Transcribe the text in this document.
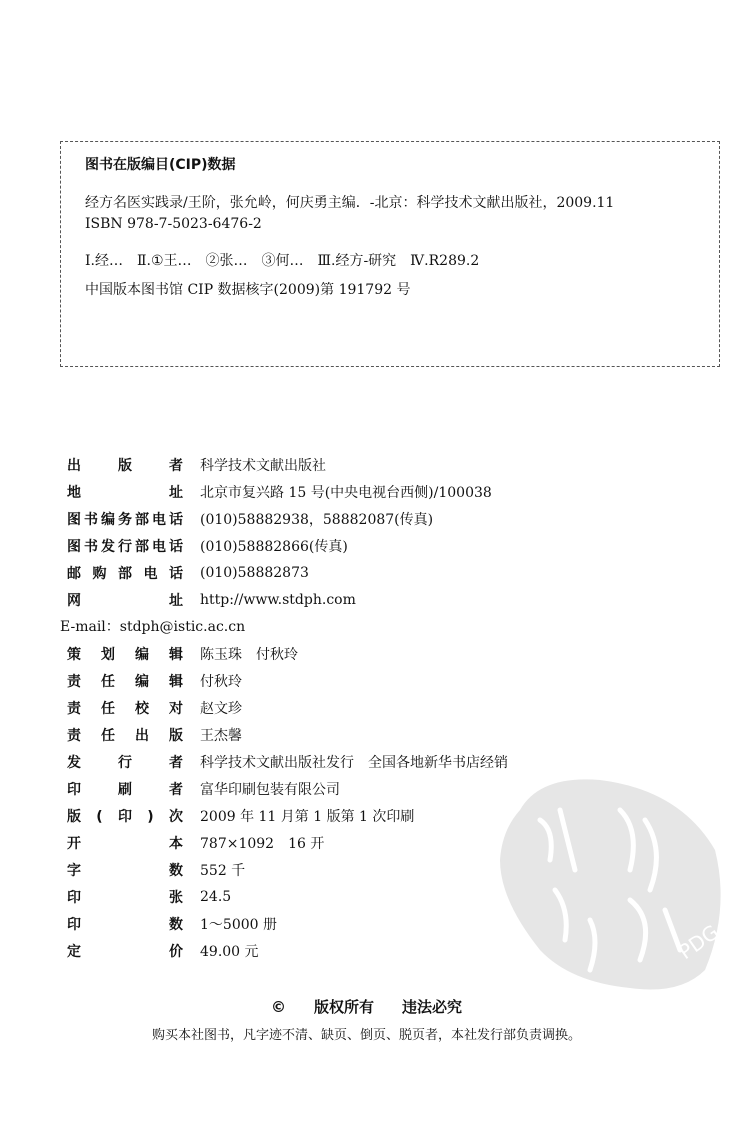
图书在版编目(CIP)数据
经方名医实践录/王阶，张允岭，何庆勇主编．-北京：科学技术文献出版社，2009.11
ISBN 978-7-5023-6476-2
Ⅰ.经…　Ⅱ.①王…　②张…　③何…　Ⅲ.经方-研究　Ⅳ.R289.2
中国版本图书馆 CIP 数据核字(2009)第 191792 号
出版者 科学技术文献出版社
地址 北京市复兴路 15 号(中央电视台西侧)/100038
图书编务部电话 (010)58882938，58882087(传真)
图书发行部电话 (010)58882866(传真)
邮购部电话 (010)58882873
网址 http://www.stdph.com
E-mail：stdph@istic.ac.cn
策划编辑 陈玉珠　付秋玲
责任编辑 付秋玲
责任校对 赵文珍
责任出版 王杰馨
发行者 科学技术文献出版社发行　全国各地新华书店经销
印刷者 富华印刷包装有限公司
版(印)次 2009 年 11 月第 1 版第 1 次印刷
开本 787×1092　16 开
字数 552 千
印张 24.5
印数 1～5000 册
定价 49.00 元	PDG
© 版权所有 违法必究
购买本社图书，凡字迹不清、缺页、倒页、脱页者，本社发行部负责调换。
